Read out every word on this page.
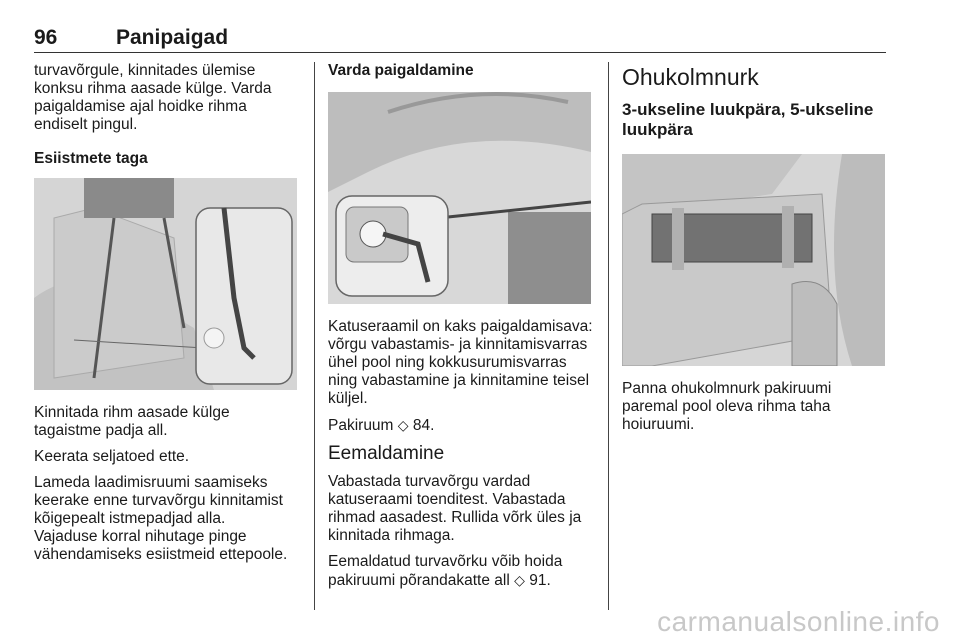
96	Panipaigad

turvavõrgule, kinnitades ülemise konksu rihma aasade külge. Varda paigaldamise ajal hoidke rihma endiselt pingul.

Esiistmete taga

Kinnitada rihm aasade külge tagaistme padja all.

Keerata seljatoed ette.

Lameda laadimisruumi saamiseks keerake enne turvavõrgu kinnitamist kõigepealt istmepadjad alla.

Vajaduse korral nihutage pinge vähendamiseks esiistmeid ettepoole.

Varda paigaldamine

Katuseraamil on kaks paigaldamisava: võrgu vabastamis- ja kinnitamisvarras ühel pool ning kokkusurumisvarras ning vabastamine ja kinnitamine teisel küljel.

Pakiruum ◇ 84.

Eemaldamine

Vabastada turvavõrgu vardad katuseraami toenditest. Vabastada rihmad aasadest. Rullida võrk üles ja kinnitada rihmaga.

Eemaldatud turvavõrku võib hoida pakiruumi põrandakatte all ◇ 91.

Ohukolmnurk
3-ukseline luukpära, 5-ukseline luukpära

Panna ohukolmnurk pakiruumi paremal pool oleva rihma taha hoiuruumi.

carmanualsonline.info
